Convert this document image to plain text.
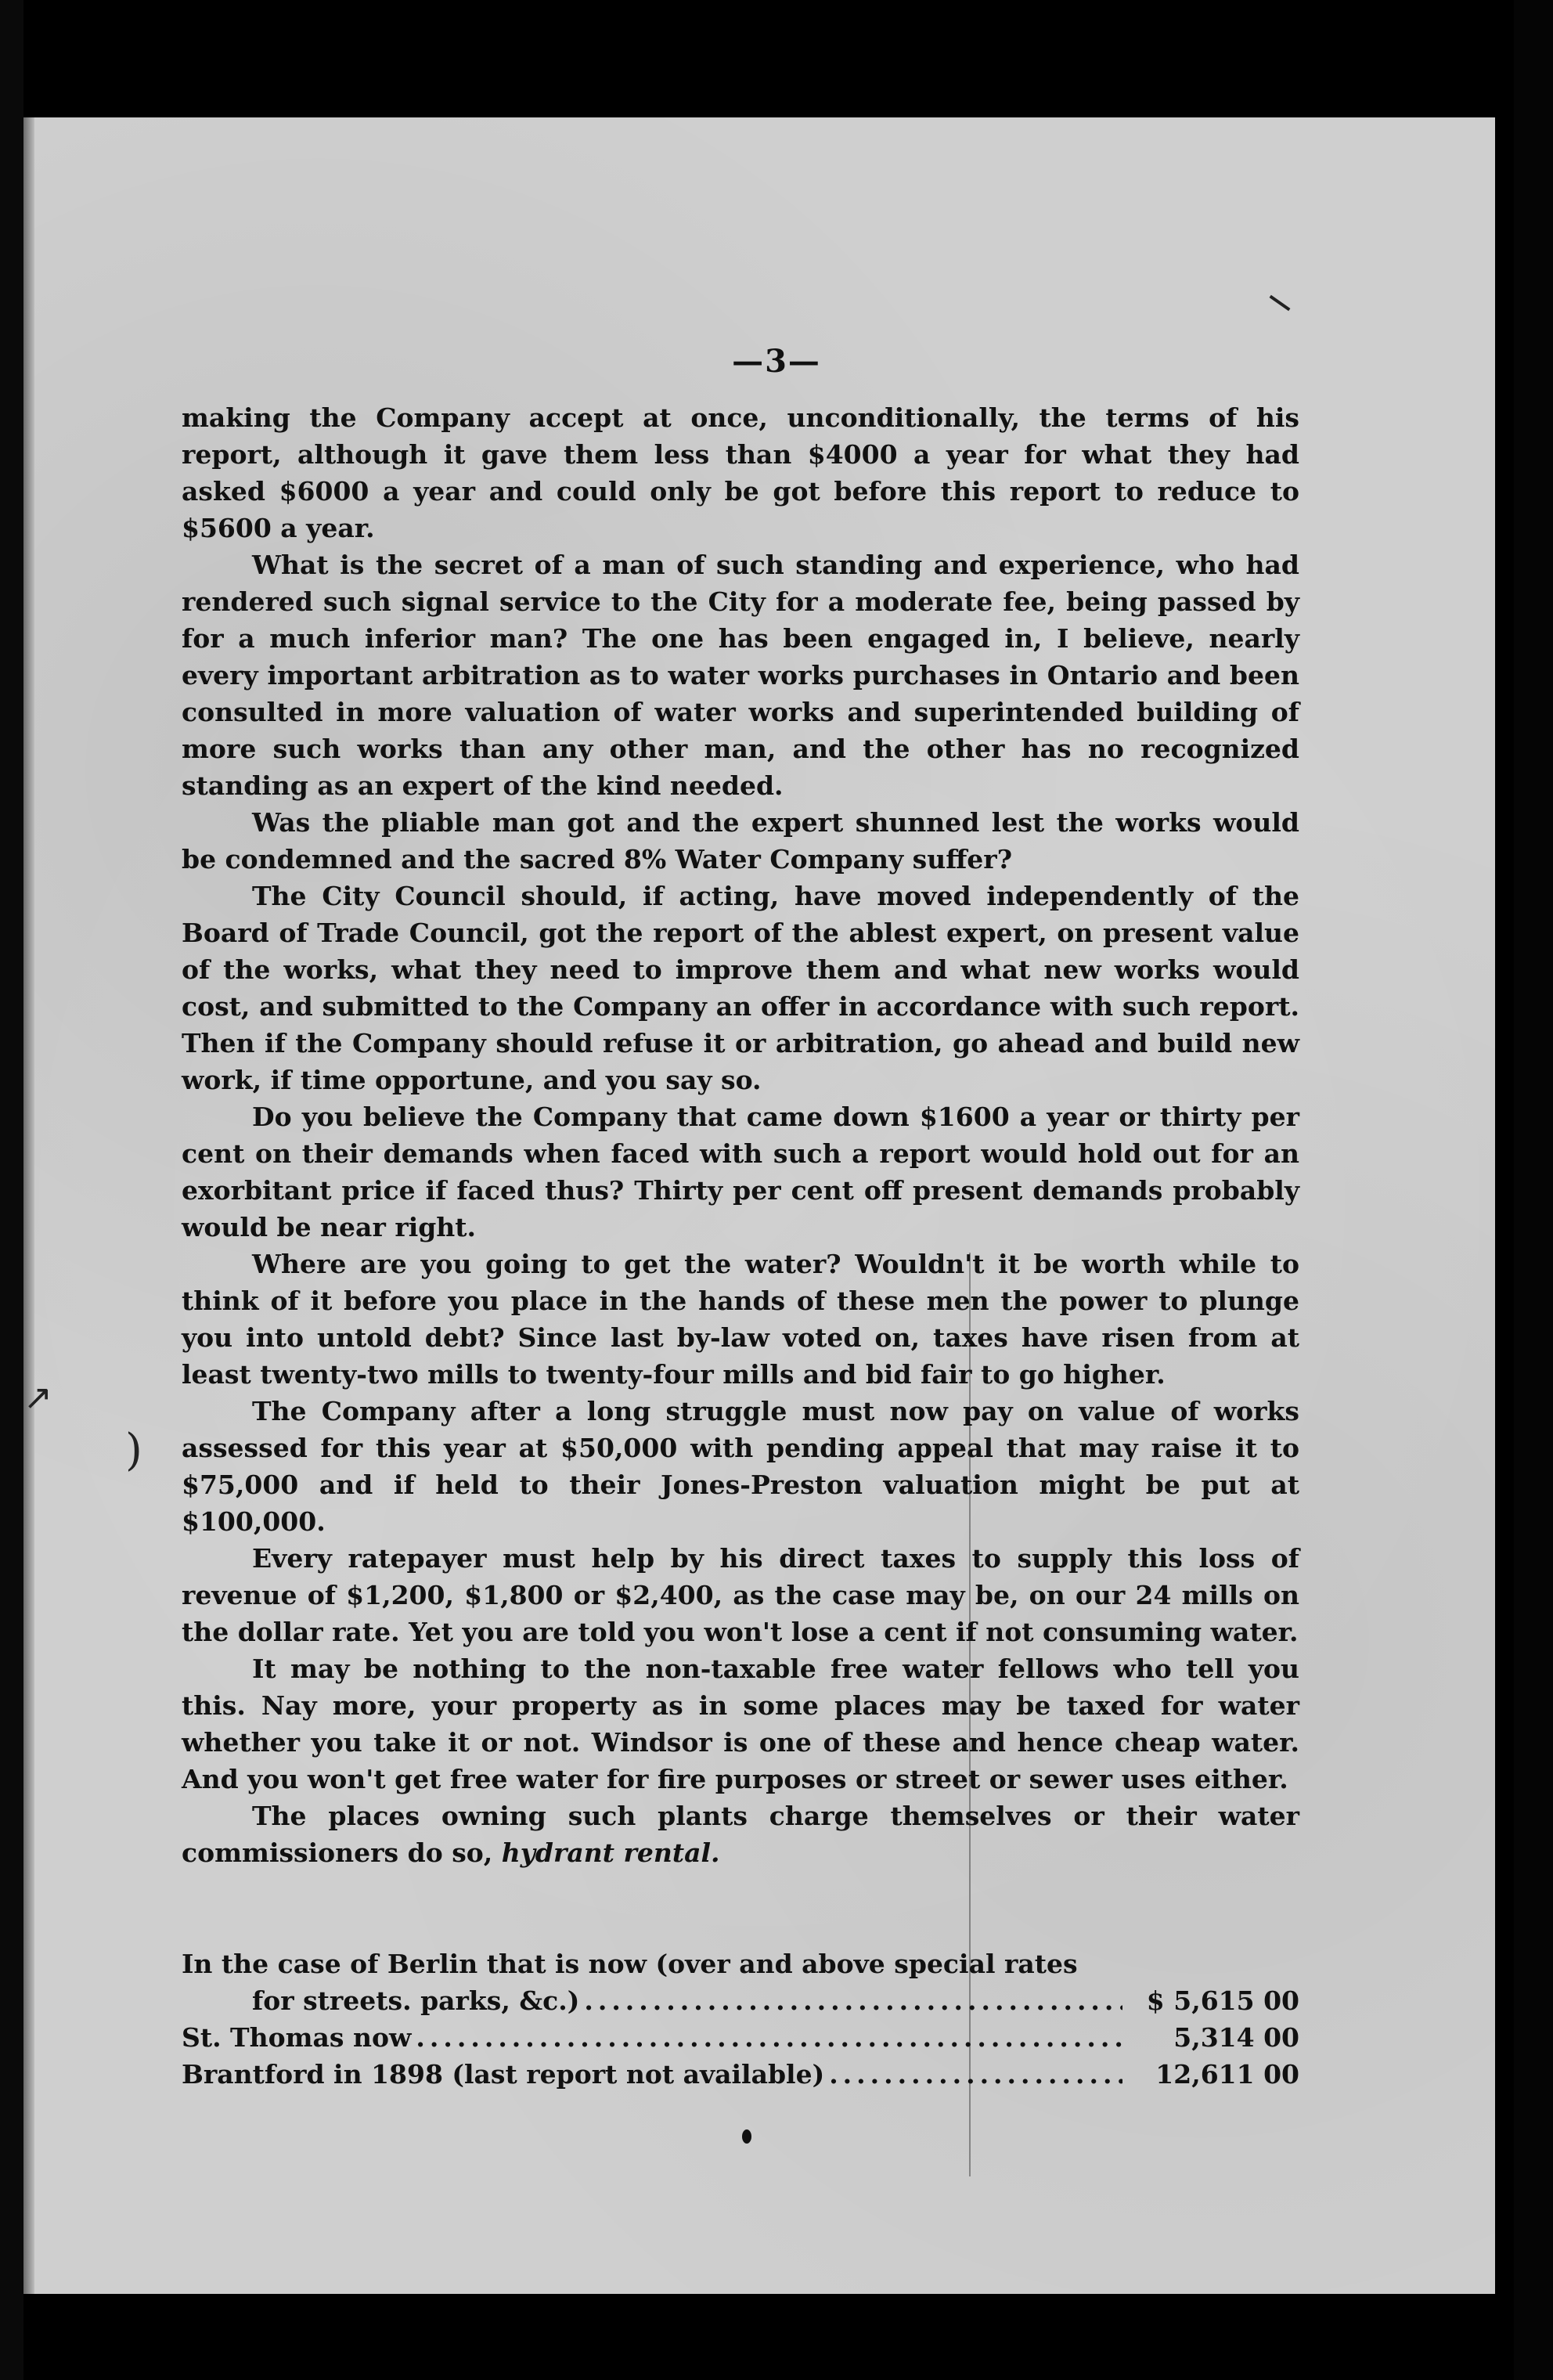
↗
)
—3—

making the Company accept at once, unconditionally, the terms of his report, although it gave them less than $4000 a year for what they had asked $6000 a year and could only be got before this report to reduce to $5600 a year.

What is the secret of a man of such standing and experience, who had rendered such signal service to the City for a moderate fee, being passed by for a much inferior man? The one has been engaged in, I believe, nearly every important arbitration as to water works purchases in Ontario and been consulted in more valuation of water works and superintended building of more such works than any other man, and the other has no recognized standing as an expert of the kind needed.

Was the pliable man got and the expert shunned lest the works would be condemned and the sacred 8% Water Company suffer?

The City Council should, if acting, have moved independently of the Board of Trade Council, got the report of the ablest expert, on present value of the works, what they need to improve them and what new works would cost, and submitted to the Company an offer in accordance with such report. Then if the Company should refuse it or arbitration, go ahead and build new work, if time opportune, and you say so.

Do you believe the Company that came down $1600 a year or thirty per cent on their demands when faced with such a report would hold out for an exorbitant price if faced thus? Thirty per cent off present demands probably would be near right.

Where are you going to get the water? Wouldn't it be worth while to think of it before you place in the hands of these men the power to plunge you into untold debt? Since last by-law voted on, taxes have risen from at least twenty-two mills to twenty-four mills and bid fair to go higher.

The Company after a long struggle must now pay on value of works assessed for this year at $50,000 with pending appeal that may raise it to $75,000 and if held to their Jones-Preston valuation might be put at $100,000.

Every ratepayer must help by his direct taxes to supply this loss of revenue of $1,200, $1,800 or $2,400, as the case may be, on our 24 mills on the dollar rate. Yet you are told you won't lose a cent if not consuming water.

It may be nothing to the non-taxable free water fellows who tell you this. Nay more, your property as in some places may be taxed for water whether you take it or not. Windsor is one of these and hence cheap water. And you won't get free water for fire purposes or street or sewer uses either.

The places owning such plants charge themselves or their water commissioners do so, hydrant rental.

In the case of Berlin that is now (over and above special rates
for streets. parks, &c.) .....	$ 5,615 00
St. Thomas now .....	5,314 00
Brantford in 1898 (last report not available) .....	12,611 00
